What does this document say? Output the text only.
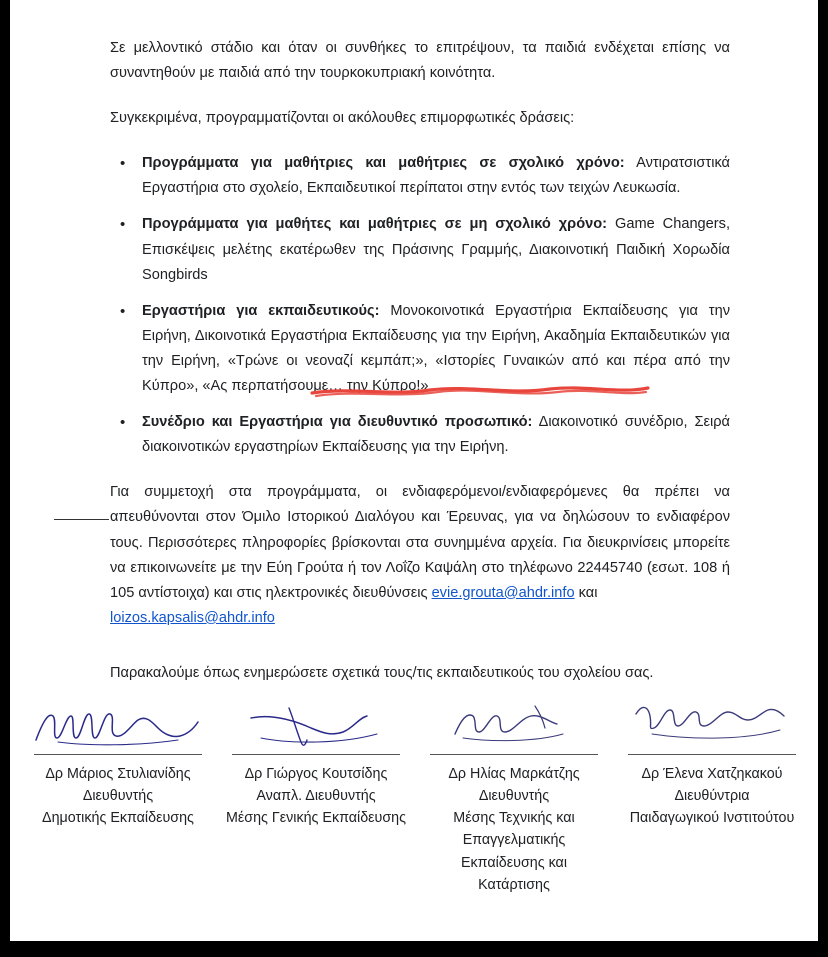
Σε μελλοντικό στάδιο και όταν οι συνθήκες το επιτρέψουν, τα παιδιά ενδέχεται επίσης να συναντηθούν με παιδιά από την τουρκοκυπριακή κοινότητα.

Συγκεκριμένα, προγραμματίζονται οι ακόλουθες επιμορφωτικές δράσεις:

• Προγράμματα για μαθήτριες και μαθήτριες σε σχολικό χρόνο: Αντιρατσιστικά Εργαστήρια στο σχολείο, Εκπαιδευτικοί περίπατοι στην εντός των τειχών Λευκωσία.
• Προγράμματα για μαθήτες και μαθήτριες σε μη σχολικό χρόνο: Game Changers, Επισκέψεις μελέτης εκατέρωθεν της Πράσινης Γραμμής, Διακοινοτική Παιδική Χορωδία Songbirds
• Εργαστήρια για εκπαιδευτικούς: Μονοκοινοτικά Εργαστήρια Εκπαίδευσης για την Ειρήνη, Δικοινοτικά Εργαστήρια Εκπαίδευσης για την Ειρήνη, Ακαδημία Εκπαιδευτικών για την Ειρήνη, «Τρώνε οι νεοναζί κεμπάπ;», «Ιστορίες Γυναικών από και πέρα από την Κύπρο», «Ας περπατήσουμε… την Κύπρο!»
• Συνέδριο και Εργαστήρια για διευθυντικό προσωπικό: Διακοινοτικό συνέδριο, Σειρά διακοινοτικών εργαστηρίων Εκπαίδευσης για την Ειρήνη.

Για συμμετοχή στα προγράμματα, οι ενδιαφερόμενοι/ενδιαφερόμενες θα πρέπει να απευθύνονται στον Όμιλο Ιστορικού Διαλόγου και Έρευνας, για να δηλώσουν το ενδιαφέρον τους. Περισσότερες πληροφορίες βρίσκονται στα συνημμένα αρχεία. Για διευκρινίσεις μπορείτε να επικοινωνείτε με την Εύη Γρούτα ή τον Λοΐζο Καψάλη στο τηλέφωνο 22445740 (εσωτ. 108 ή 105 αντίστοιχα) και στις ηλεκτρονικές διευθύνσεις evie.grouta@ahdr.info και
loizos.kapsalis@ahdr.info

Παρακαλούμε όπως ενημερώσετε σχετικά τους/τις εκπαιδευτικούς του σχολείου σας.

Δρ Μάριος Στυλιανίδης
Διευθυντής
Δημοτικής Εκπαίδευσης
Δρ Γιώργος Κουτσίδης
Αναπλ. Διευθυντής
Μέσης Γενικής Εκπαίδευσης
Δρ Ηλίας Μαρκάτζης
Διευθυντής
Μέσης Τεχνικής και
Επαγγελματικής
Εκπαίδευσης και
Κατάρτισης
Δρ Έλενα Χατζηκακού
Διευθύντρια
Παιδαγωγικού Ινστιτούτου
